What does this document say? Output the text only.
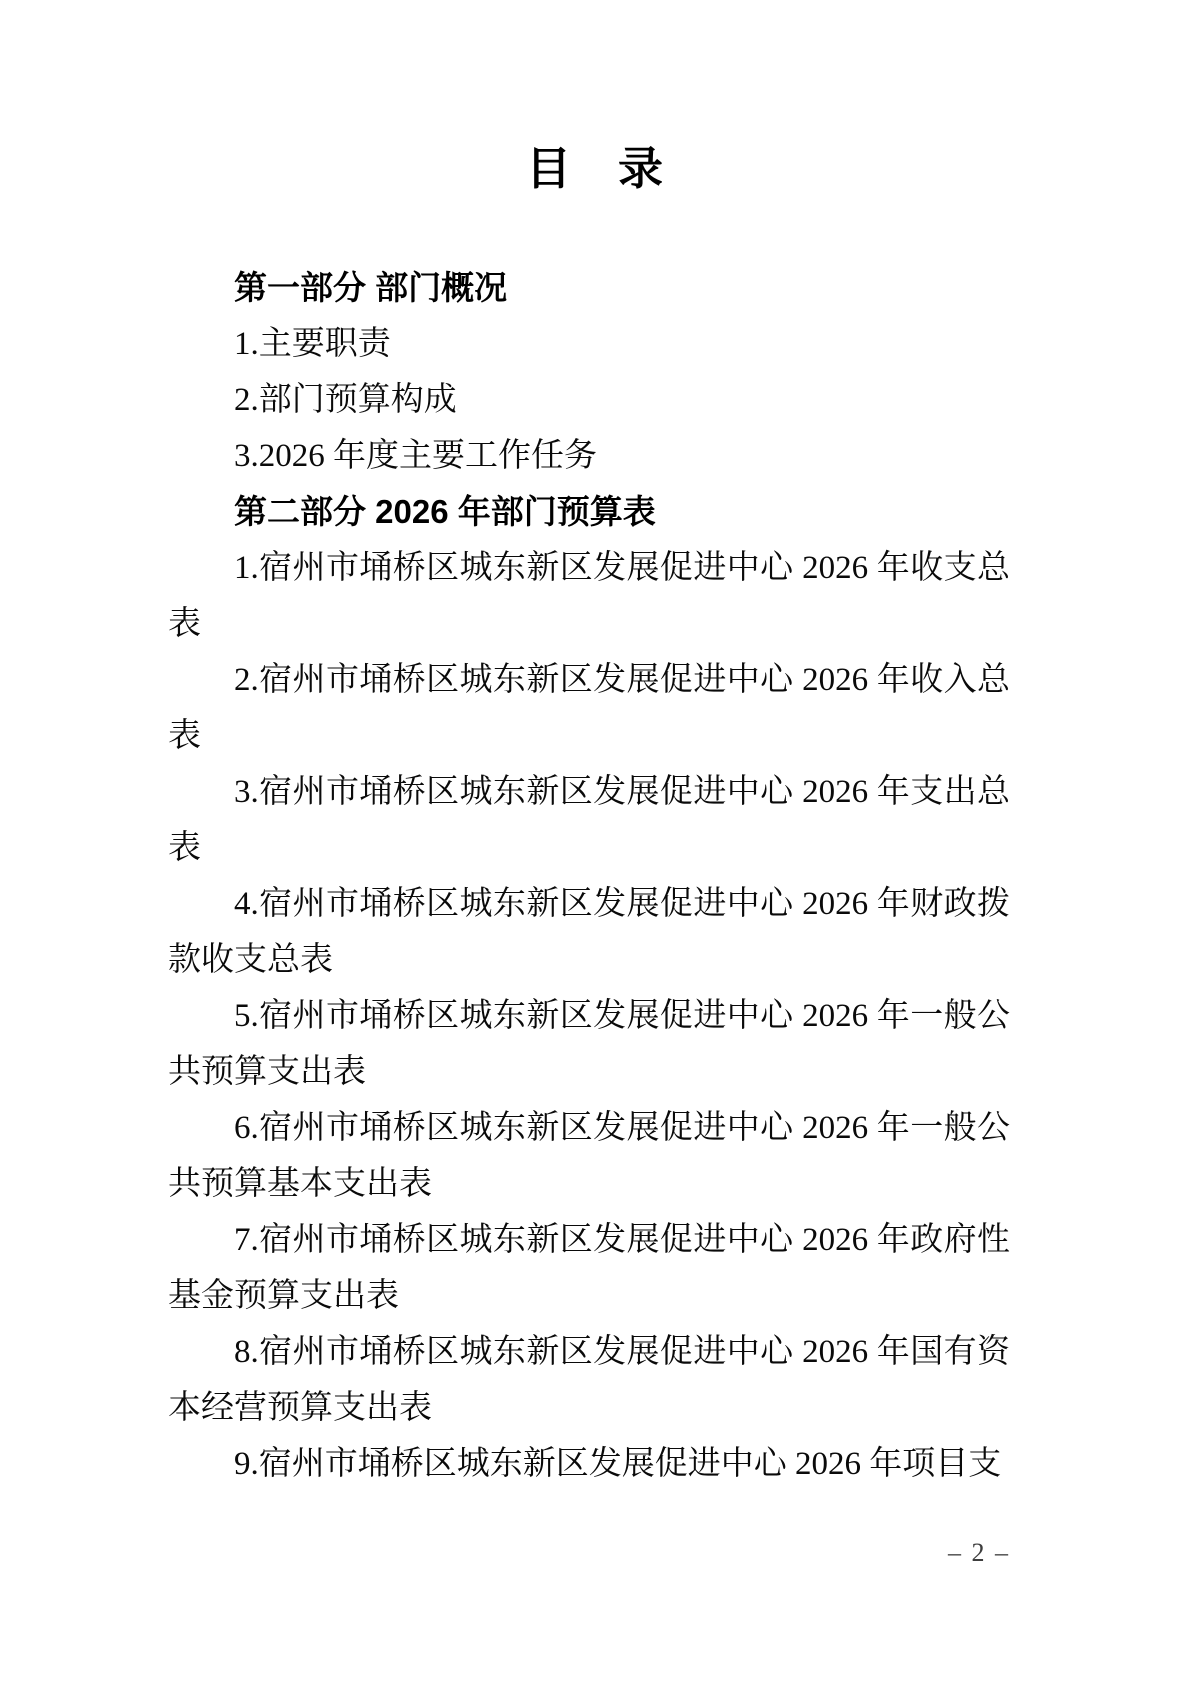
目　录

第一部分 部门概况

1.主要职责

2.部门预算构成

3.2026 年度主要工作任务

第二部分 2026 年部门预算表

1.宿州市埇桥区城东新区发展促进中心 2026 年收支总表

2.宿州市埇桥区城东新区发展促进中心 2026 年收入总表

3.宿州市埇桥区城东新区发展促进中心 2026 年支出总表

4.宿州市埇桥区城东新区发展促进中心 2026 年财政拨款收支总表

5.宿州市埇桥区城东新区发展促进中心 2026 年一般公共预算支出表

6.宿州市埇桥区城东新区发展促进中心 2026 年一般公共预算基本支出表

7.宿州市埇桥区城东新区发展促进中心 2026 年政府性基金预算支出表

8.宿州市埇桥区城东新区发展促进中心 2026 年国有资本经营预算支出表

9.宿州市埇桥区城东新区发展促进中心 2026 年项目支

– 2 –
